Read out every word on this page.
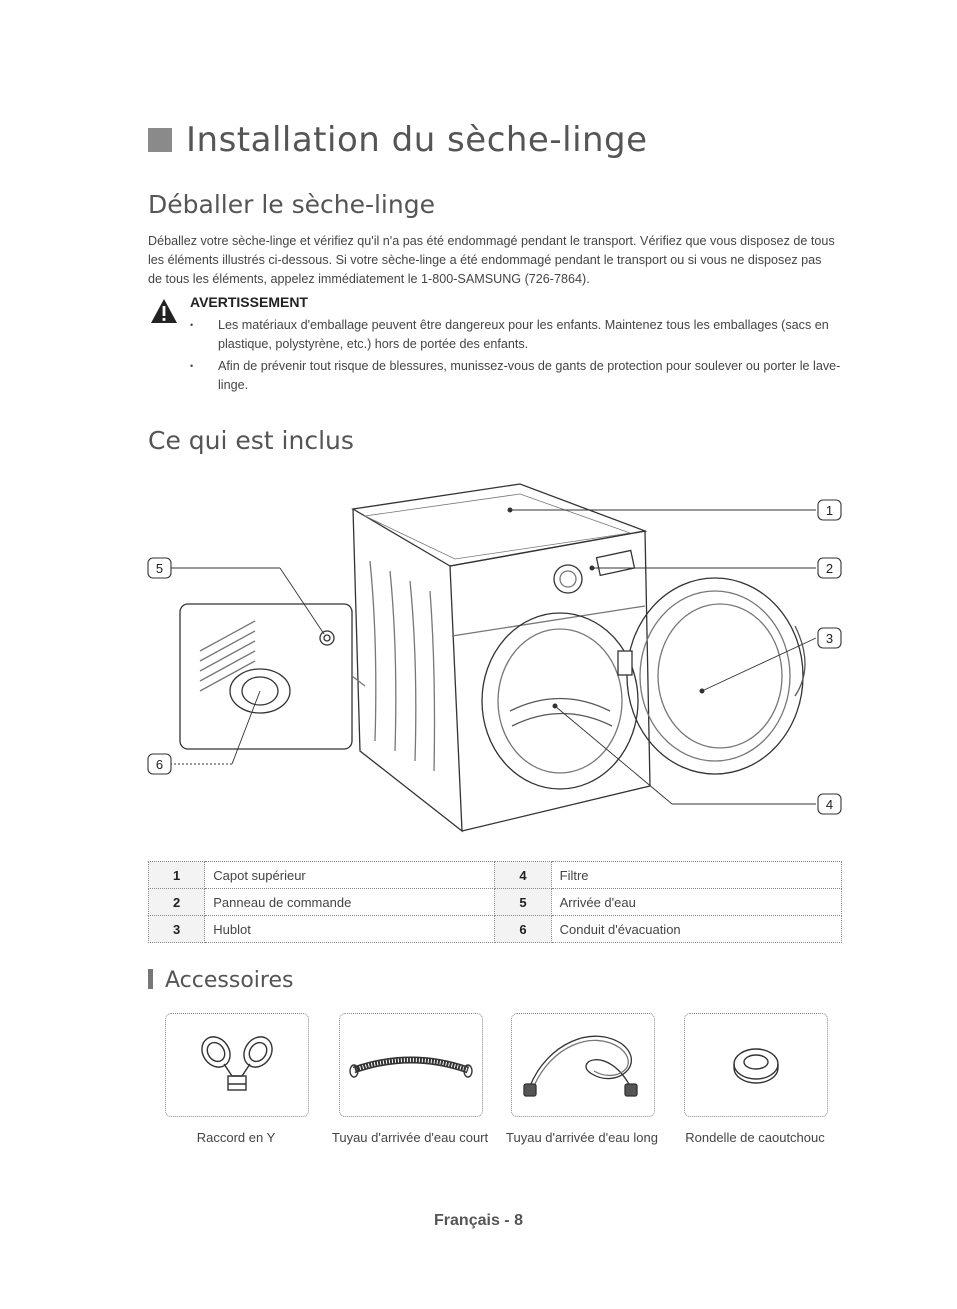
Installation du sèche-linge
Déballer le sèche-linge
Déballez votre sèche-linge et vérifiez qu'il n'a pas été endommagé pendant le transport. Vérifiez que vous disposez de tous les éléments illustrés ci-dessous. Si votre sèche-linge a été endommagé pendant le transport ou si vous ne disposez pas de tous les éléments, appelez immédiatement le 1-800-SAMSUNG (726-7864).
AVERTISSEMENT
• Les matériaux d'emballage peuvent être dangereux pour les enfants. Maintenez tous les emballages (sacs en plastique, polystyrène, etc.) hors de portée des enfants.
• Afin de prévenir tout risque de blessures, munissez-vous de gants de protection pour soulever ou porter le lave-linge.
Ce qui est inclus
1
2
3
4
5
6
1	Capot supérieur	4	Filtre
2	Panneau de commande	5	Arrivée d'eau
3	Hublot	6	Conduit d'évacuation
Accessoires
Raccord en Y	Tuyau d'arrivée d'eau court	Tuyau d'arrivée d'eau long	Rondelle de caoutchouc
Français - 8
